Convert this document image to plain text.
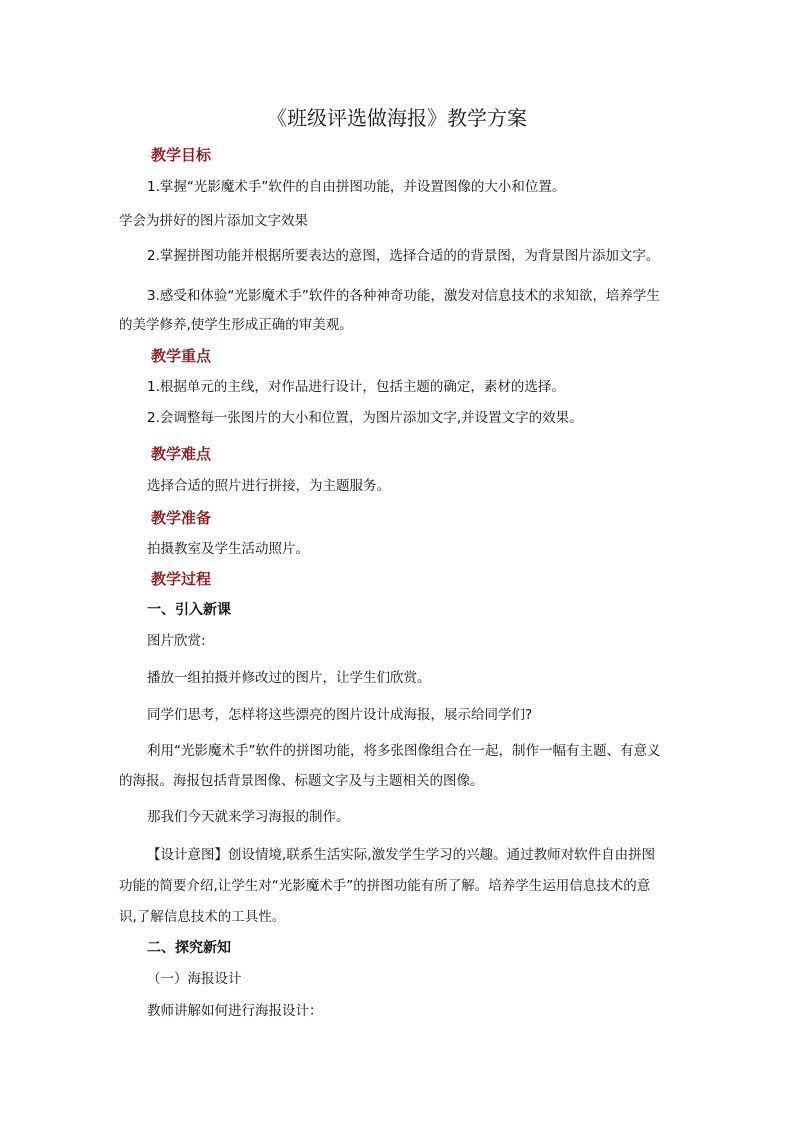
《班级评选做海报》教学方案
教学目标
1.掌握“光影魔术手”软件的自由拼图功能，并设置图像的大小和位置。
学会为拼好的图片添加文字效果
2.掌握拼图功能并根据所要表达的意图，选择合适的的背景图，为背景图片添加文字。
3.感受和体验“光影魔术手”软件的各种神奇功能，激发对信息技术的求知欲，培养学生
的美学修养,使学生形成正确的审美观。
教学重点
1.根据单元的主线，对作品进行设计，包括主题的确定，素材的选择。
2.会调整每一张图片的大小和位置，为图片添加文字,并设置文字的效果。
教学难点
选择合适的照片进行拼接，为主题服务。
教学准备
拍摄教室及学生活动照片。
教学过程
一、引入新课
图片欣赏:
播放一组拍摄并修改过的图片，让学生们欣赏。
同学们思考，怎样将这些漂亮的图片设计成海报，展示给同学们?
利用“光影魔术手”软件的拼图功能，将多张图像组合在一起，制作一幅有主题、有意义
的海报。海报包括背景图像、标题文字及与主题相关的图像。
那我们今天就来学习海报的制作。
【设计意图】创设情境,联系生活实际,激发学生学习的兴趣。通过教师对软件自由拼图
功能的简要介绍,让学生对“光影魔术手”的拼图功能有所了解。培养学生运用信息技术的意
识,了解信息技术的工具性。
二、探究新知
（一）海报设计
教师讲解如何进行海报设计：
